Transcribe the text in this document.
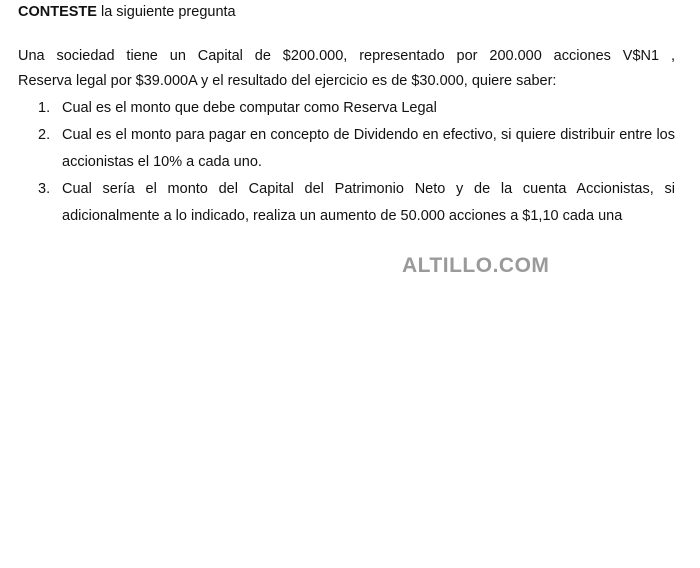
CONTESTE la siguiente pregunta
Una sociedad tiene un Capital de $200.000, representado por 200.000 acciones V$N1 ,
Reserva legal por $39.000A y el resultado del ejercicio es de $30.000, quiere saber:
1. Cual es el monto que debe computar como Reserva Legal
2. Cual es el monto para pagar en concepto de Dividendo en efectivo, si quiere distribuir entre los accionistas el 10% a cada uno.
3. Cual sería el monto del Capital del Patrimonio Neto y de la cuenta Accionistas, si adicionalmente a lo indicado, realiza un aumento de 50.000 acciones a $1,10 cada una
ALTILLO.COM
